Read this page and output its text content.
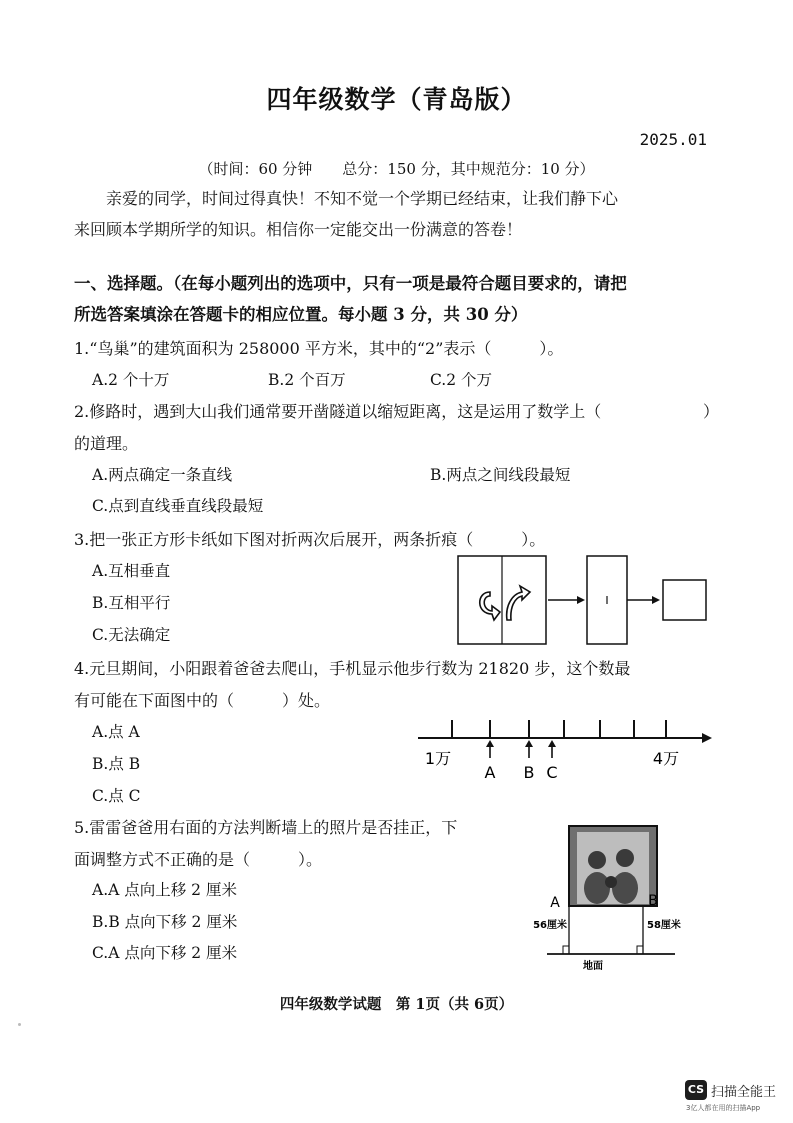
四年级数学（青岛版）
2025.01
（时间：60 分钟　　总分：150 分，其中规范分：10 分）
亲爱的同学，时间过得真快！不知不觉一个学期已经结束，让我们静下心
来回顾本学期所学的知识。相信你一定能交出一份满意的答卷！
一、选择题。（在每小题列出的选项中，只有一项是最符合题目要求的，请把
所选答案填涂在答题卡的相应位置。每小题 3 分，共 30 分）
1.“鸟巢”的建筑面积为 258000 平方米，其中的“2”表示（　　　）。
A.2 个十万	B.2 个百万	C.2 个万
2.修路时，遇到大山我们通常要开凿隧道以缩短距离，这是运用了数学上（	）
的道理。
A.两点确定一条直线	B.两点之间线段最短
C.点到直线垂直线段最短
3.把一张正方形卡纸如下图对折两次后展开，两条折痕（　　　）。
A.互相垂直
B.互相平行
C.无法确定
4.元旦期间，小阳跟着爸爸去爬山，手机显示他步行数为 21820 步，这个数最
有可能在下面图中的（　　　）处。
A.点 A
B.点 B
C.点 C
1万	4万
A B C
5.雷雷爸爸用右面的方法判断墙上的照片是否挂正，下
面调整方式不正确的是（　　　）。
A.A 点向上移 2 厘米
B.B 点向下移 2 厘米
C.A 点向下移 2 厘米
A	B
56厘米	58厘米
地面
四年级数学试题　第 1页（共 6页）
CS 扫描全能王
3亿人都在用的扫描App
